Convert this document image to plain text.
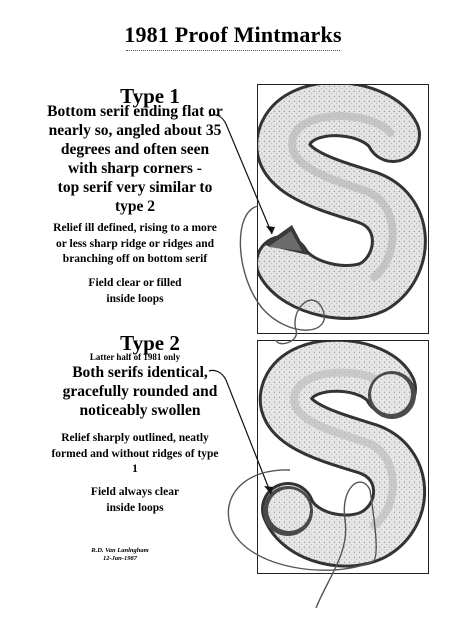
1981 Proof Mintmarks
Type 1
Bottom serif ending flat or
nearly so, angled about 35
degrees and often seen
with sharp corners -
top serif very similar to
type 2
Relief ill defined, rising to a more
or less sharp ridge or ridges and
branching off on bottom serif
Field clear or filled
inside loops
Type 2
Latter half of 1981 only
Both serifs identical,
gracefully rounded and
noticeably swollen
Relief sharply outlined, neatly
formed and without ridges of type
1
Field always clear
inside loops
R.D. Van Lanlngham
12-Jan-1987
